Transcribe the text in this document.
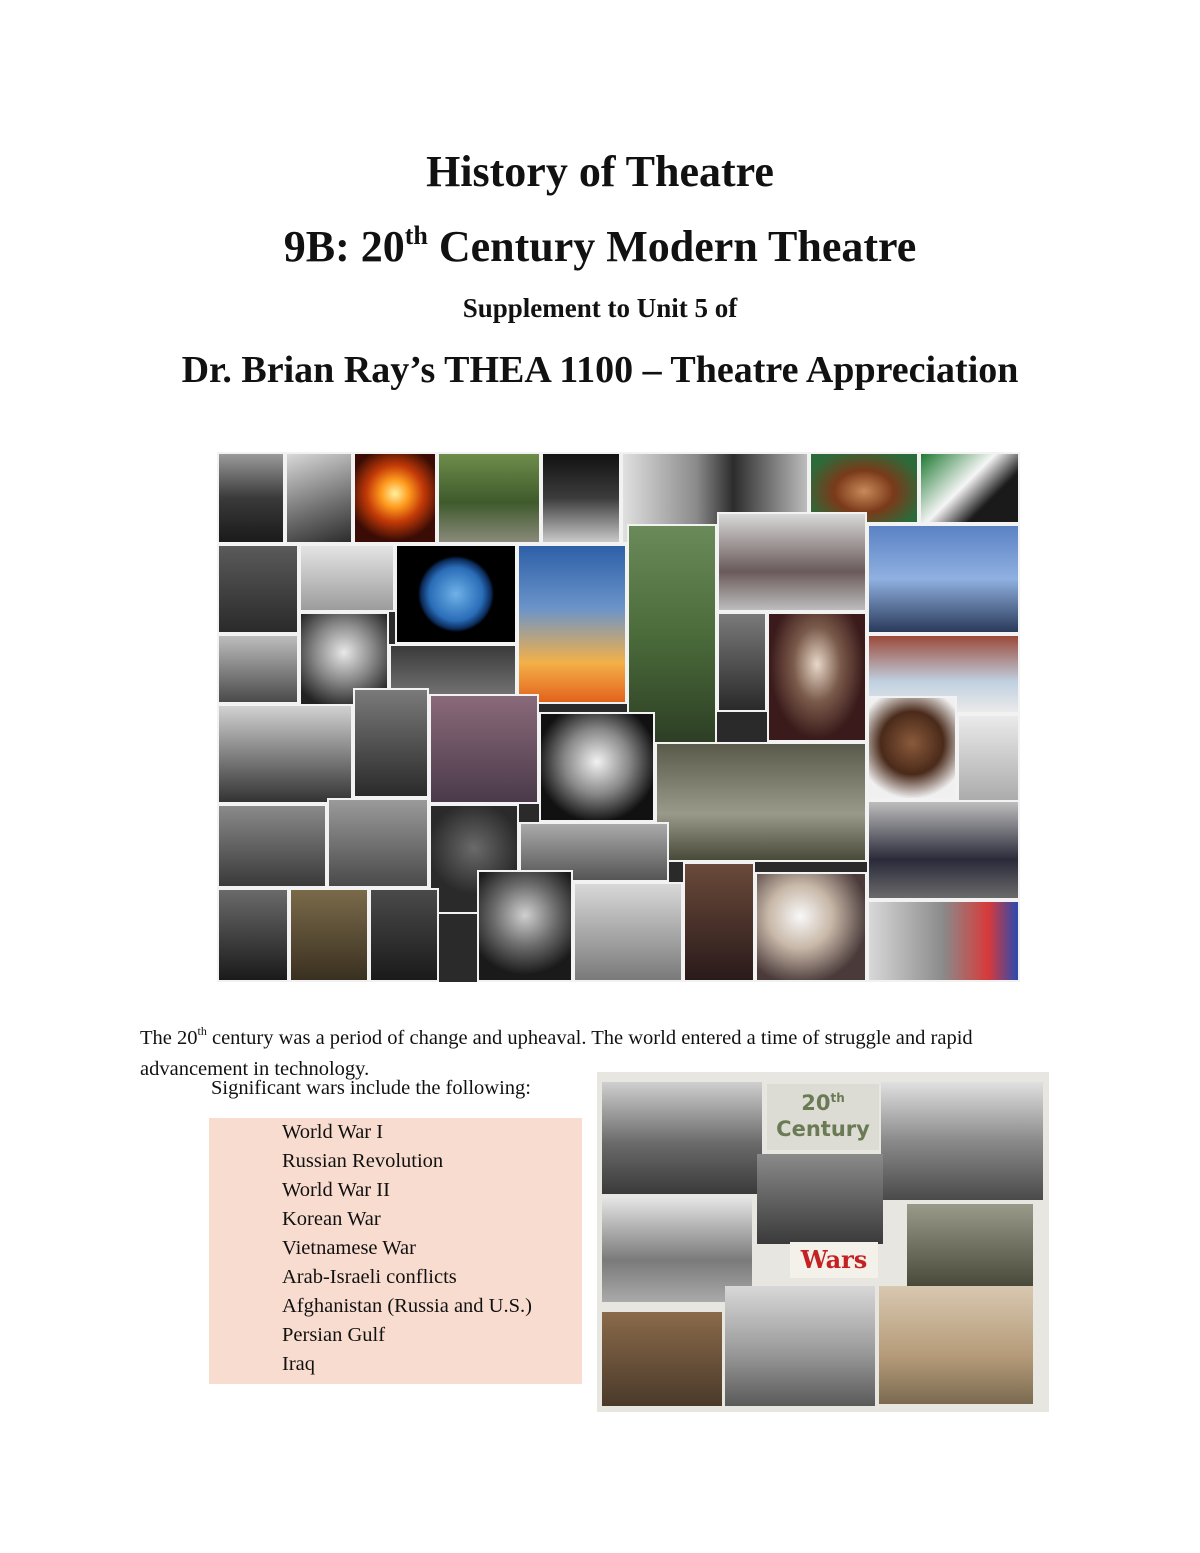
History of Theatre
9B: 20th Century Modern Theatre
Supplement to Unit 5 of
Dr. Brian Ray’s THEA 1100 – Theatre Appreciation

The 20th century was a period of change and upheaval. The world entered a time of struggle and rapid advancement in technology.

Significant wars include the following:
World War I
Russian Revolution
World War II
Korean War
Vietnamese War
Arab-Israeli conflicts
Afghanistan (Russia and U.S.)
Persian Gulf
Iraq
20th
Century
Wars
